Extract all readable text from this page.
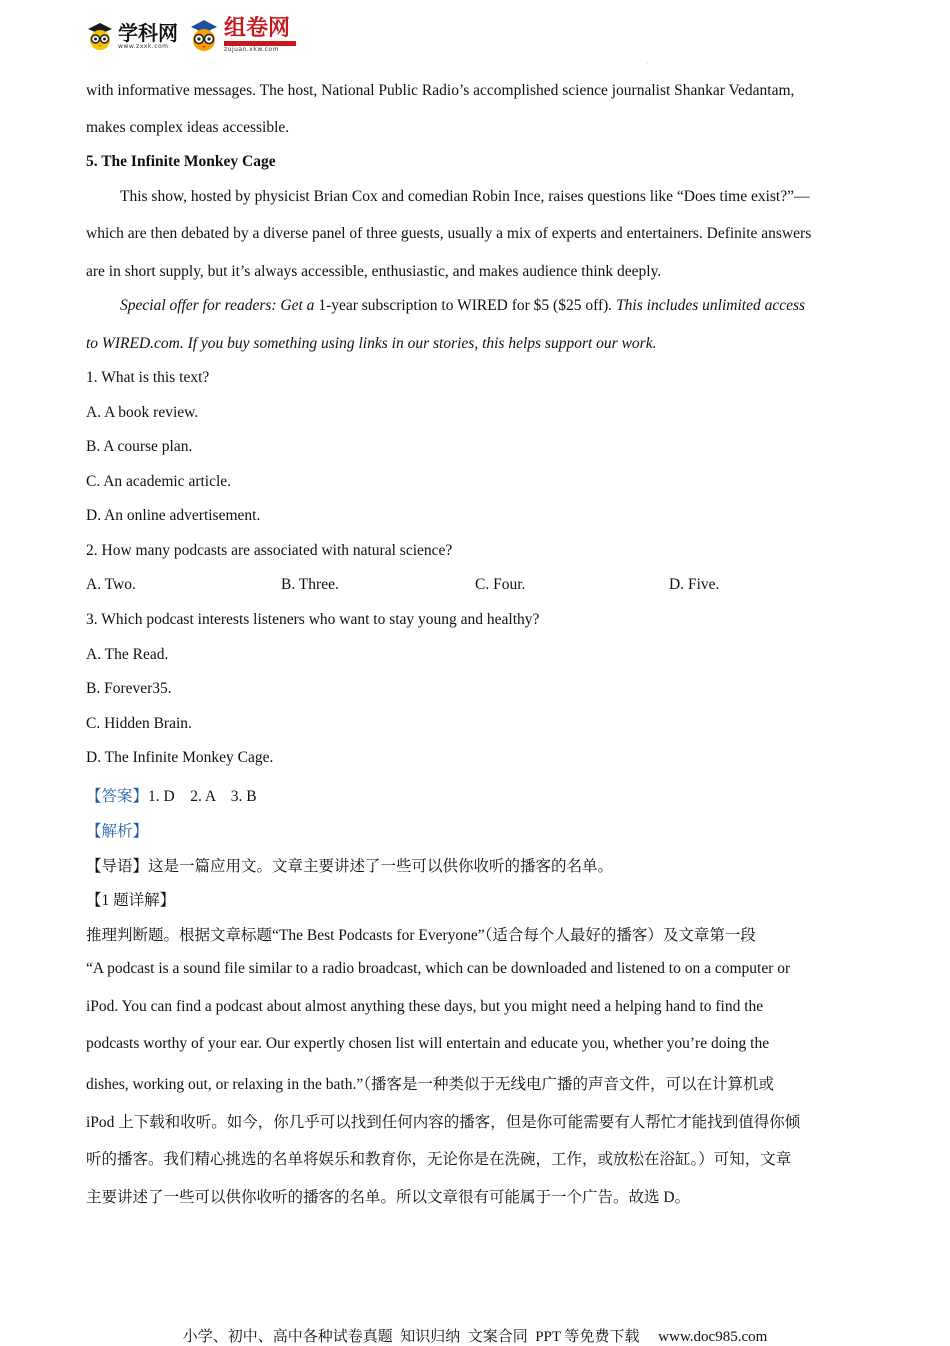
学科网
www.zxxk.com
组卷网
zujuan.xkw.com
.
with informative messages. The host, National Public Radio’s accomplished science journalist Shankar Vedantam,
makes complex ideas accessible.
5. The Infinite Monkey Cage
This show, hosted by physicist Brian Cox and comedian Robin Ince, raises questions like “Does time exist?”—
which are then debated by a diverse panel of three guests, usually a mix of experts and entertainers. Definite answers
are in short supply, but it’s always accessible, enthusiastic, and makes audience think deeply.
Special offer for readers: Get a 1-year subscription to WIRED for $5 ($25 off). This includes unlimited access
to WIRED.com. If you buy something using links in our stories, this helps support our work.
1. What is this text?
A. A book review.
B. A course plan.
C. An academic article.
D. An online advertisement.
2. How many podcasts are associated with natural science?
A. Two.	B. Three.	C. Four.	D. Five.
3. Which podcast interests listeners who want to stay young and healthy?
A. The Read.
B. Forever35.
C. Hidden Brain.
D. The Infinite Monkey Cage.
【答案】1. D    2. A    3. B
【解析】
【导语】这是一篇应用文。文章主要讲述了一些可以供你收听的播客的名单。
【1 题详解】
推理判断题。根据文章标题“The Best Podcasts for Everyone”（适合每个人最好的播客）及文章第一段
“A podcast is a sound file similar to a radio broadcast, which can be downloaded and listened to on a computer or
iPod. You can find a podcast about almost anything these days, but you might need a helping hand to find the
podcasts worthy of your ear. Our expertly chosen list will entertain and educate you, whether you’re doing the
dishes, working out, or relaxing in the bath.”（播客是一种类似于无线电广播的声音文件，可以在计算机或
iPod 上下载和收听。如今，你几乎可以找到任何内容的播客，但是你可能需要有人帮忙才能找到值得你倾
听的播客。我们精心挑选的名单将娱乐和教育你，无论你是在洗碗，工作，或放松在浴缸。）可知，文章
主要讲述了一些可以供你收听的播客的名单。所以文章很有可能属于一个广告。故选 D。
小学、初中、高中各种试卷真题  知识归纳  文案合同  PPT 等免费下载     www.doc985.com
